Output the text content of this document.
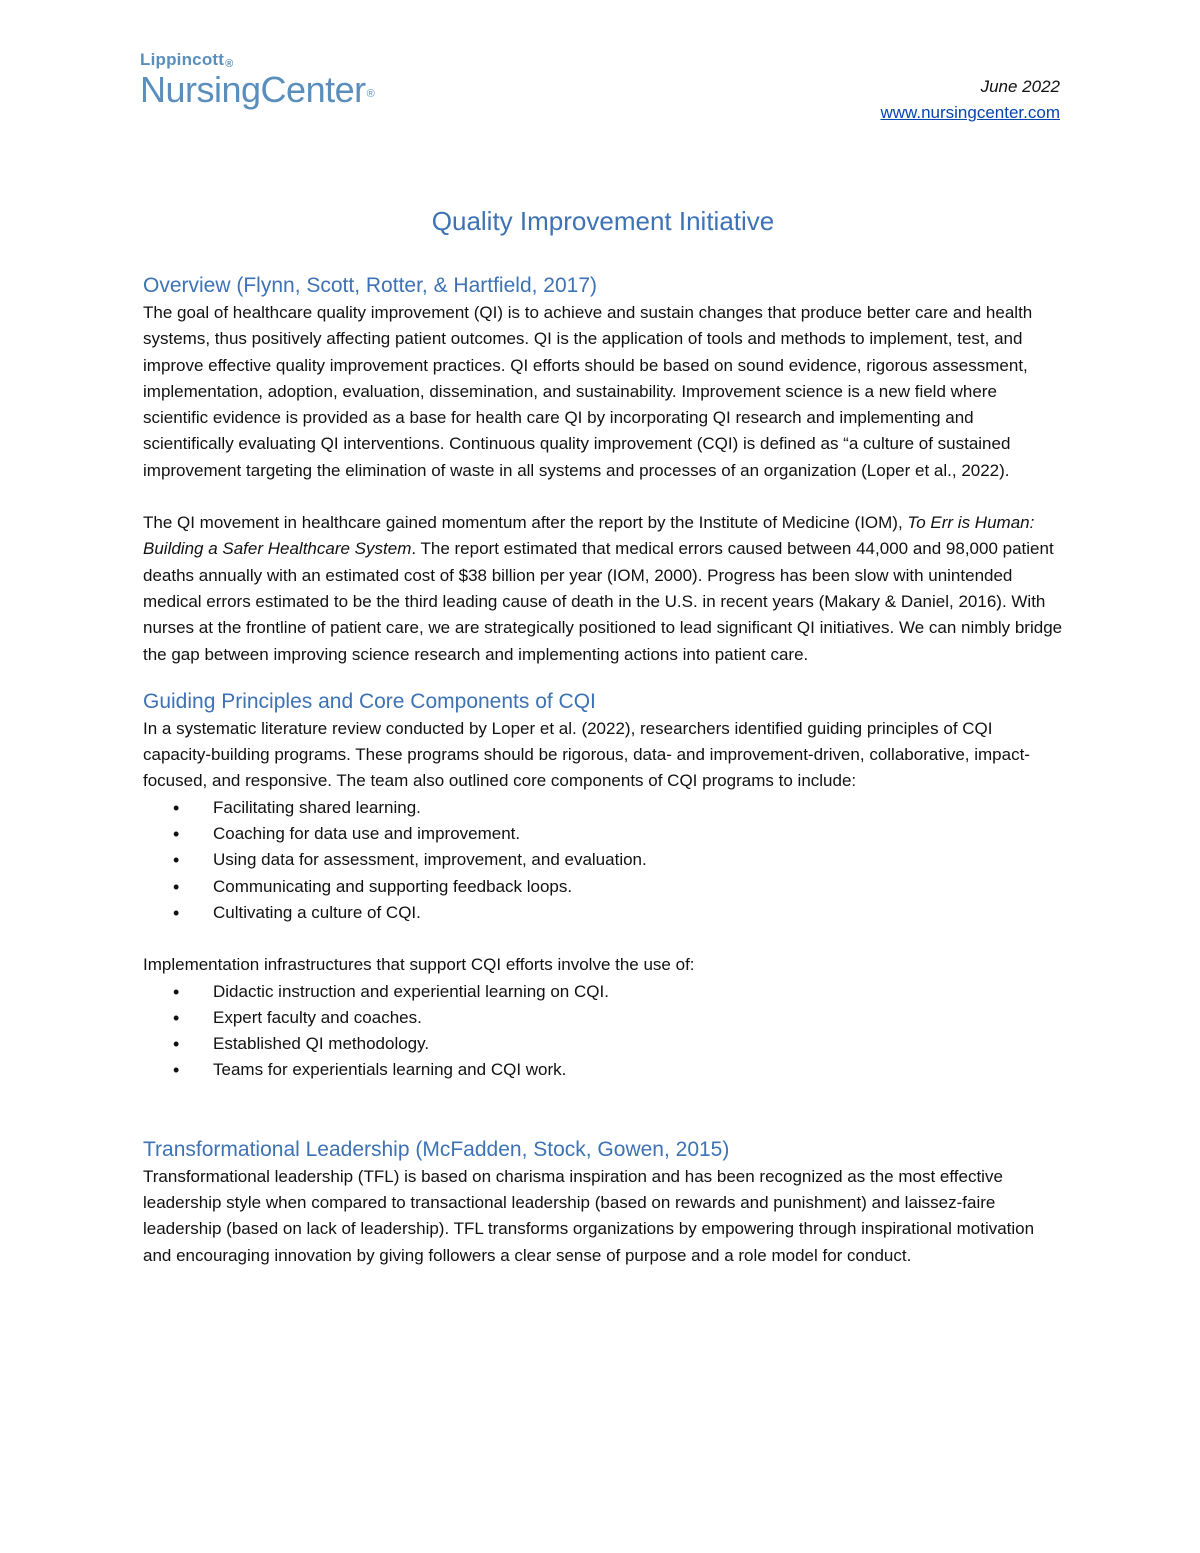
Lippincott®
NursingCenter®	June 2022
www.nursingcenter.com
Quality Improvement Initiative
Overview (Flynn, Scott, Rotter, & Hartfield, 2017)

The goal of healthcare quality improvement (QI) is to achieve and sustain changes that produce better care and health systems, thus positively affecting patient outcomes. QI is the application of tools and methods to implement, test, and improve effective quality improvement practices. QI efforts should be based on sound evidence, rigorous assessment, implementation, adoption, evaluation, dissemination, and sustainability. Improvement science is a new field where scientific evidence is provided as a base for health care QI by incorporating QI research and implementing and scientifically evaluating QI interventions. Continuous quality improvement (CQI) is defined as “a culture of sustained improvement targeting the elimination of waste in all systems and processes of an organization (Loper et al., 2022).

The QI movement in healthcare gained momentum after the report by the Institute of Medicine (IOM), To Err is Human: Building a Safer Healthcare System. The report estimated that medical errors caused between 44,000 and 98,000 patient deaths annually with an estimated cost of $38 billion per year (IOM, 2000). Progress has been slow with unintended medical errors estimated to be the third leading cause of death in the U.S. in recent years (Makary & Daniel, 2016). With nurses at the frontline of patient care, we are strategically positioned to lead significant QI initiatives. We can nimbly bridge the gap between improving science research and implementing actions into patient care.

Guiding Principles and Core Components of CQI

In a systematic literature review conducted by Loper et al. (2022), researchers identified guiding principles of CQI capacity-building programs. These programs should be rigorous, data- and improvement-driven, collaborative, impact-focused, and responsive. The team also outlined core components of CQI programs to include:

• Facilitating shared learning.
• Coaching for data use and improvement.
• Using data for assessment, improvement, and evaluation.
• Communicating and supporting feedback loops.
• Cultivating a culture of CQI.

Implementation infrastructures that support CQI efforts involve the use of:

• Didactic instruction and experiential learning on CQI.
• Expert faculty and coaches.
• Established QI methodology.
• Teams for experientials learning and CQI work.
Transformational Leadership (McFadden, Stock, Gowen, 2015)

Transformational leadership (TFL) is based on charisma inspiration and has been recognized as the most effective leadership style when compared to transactional leadership (based on rewards and punishment) and laissez-faire leadership (based on lack of leadership). TFL transforms organizations by empowering through inspirational motivation and encouraging innovation by giving followers a clear sense of purpose and a role model for conduct.
